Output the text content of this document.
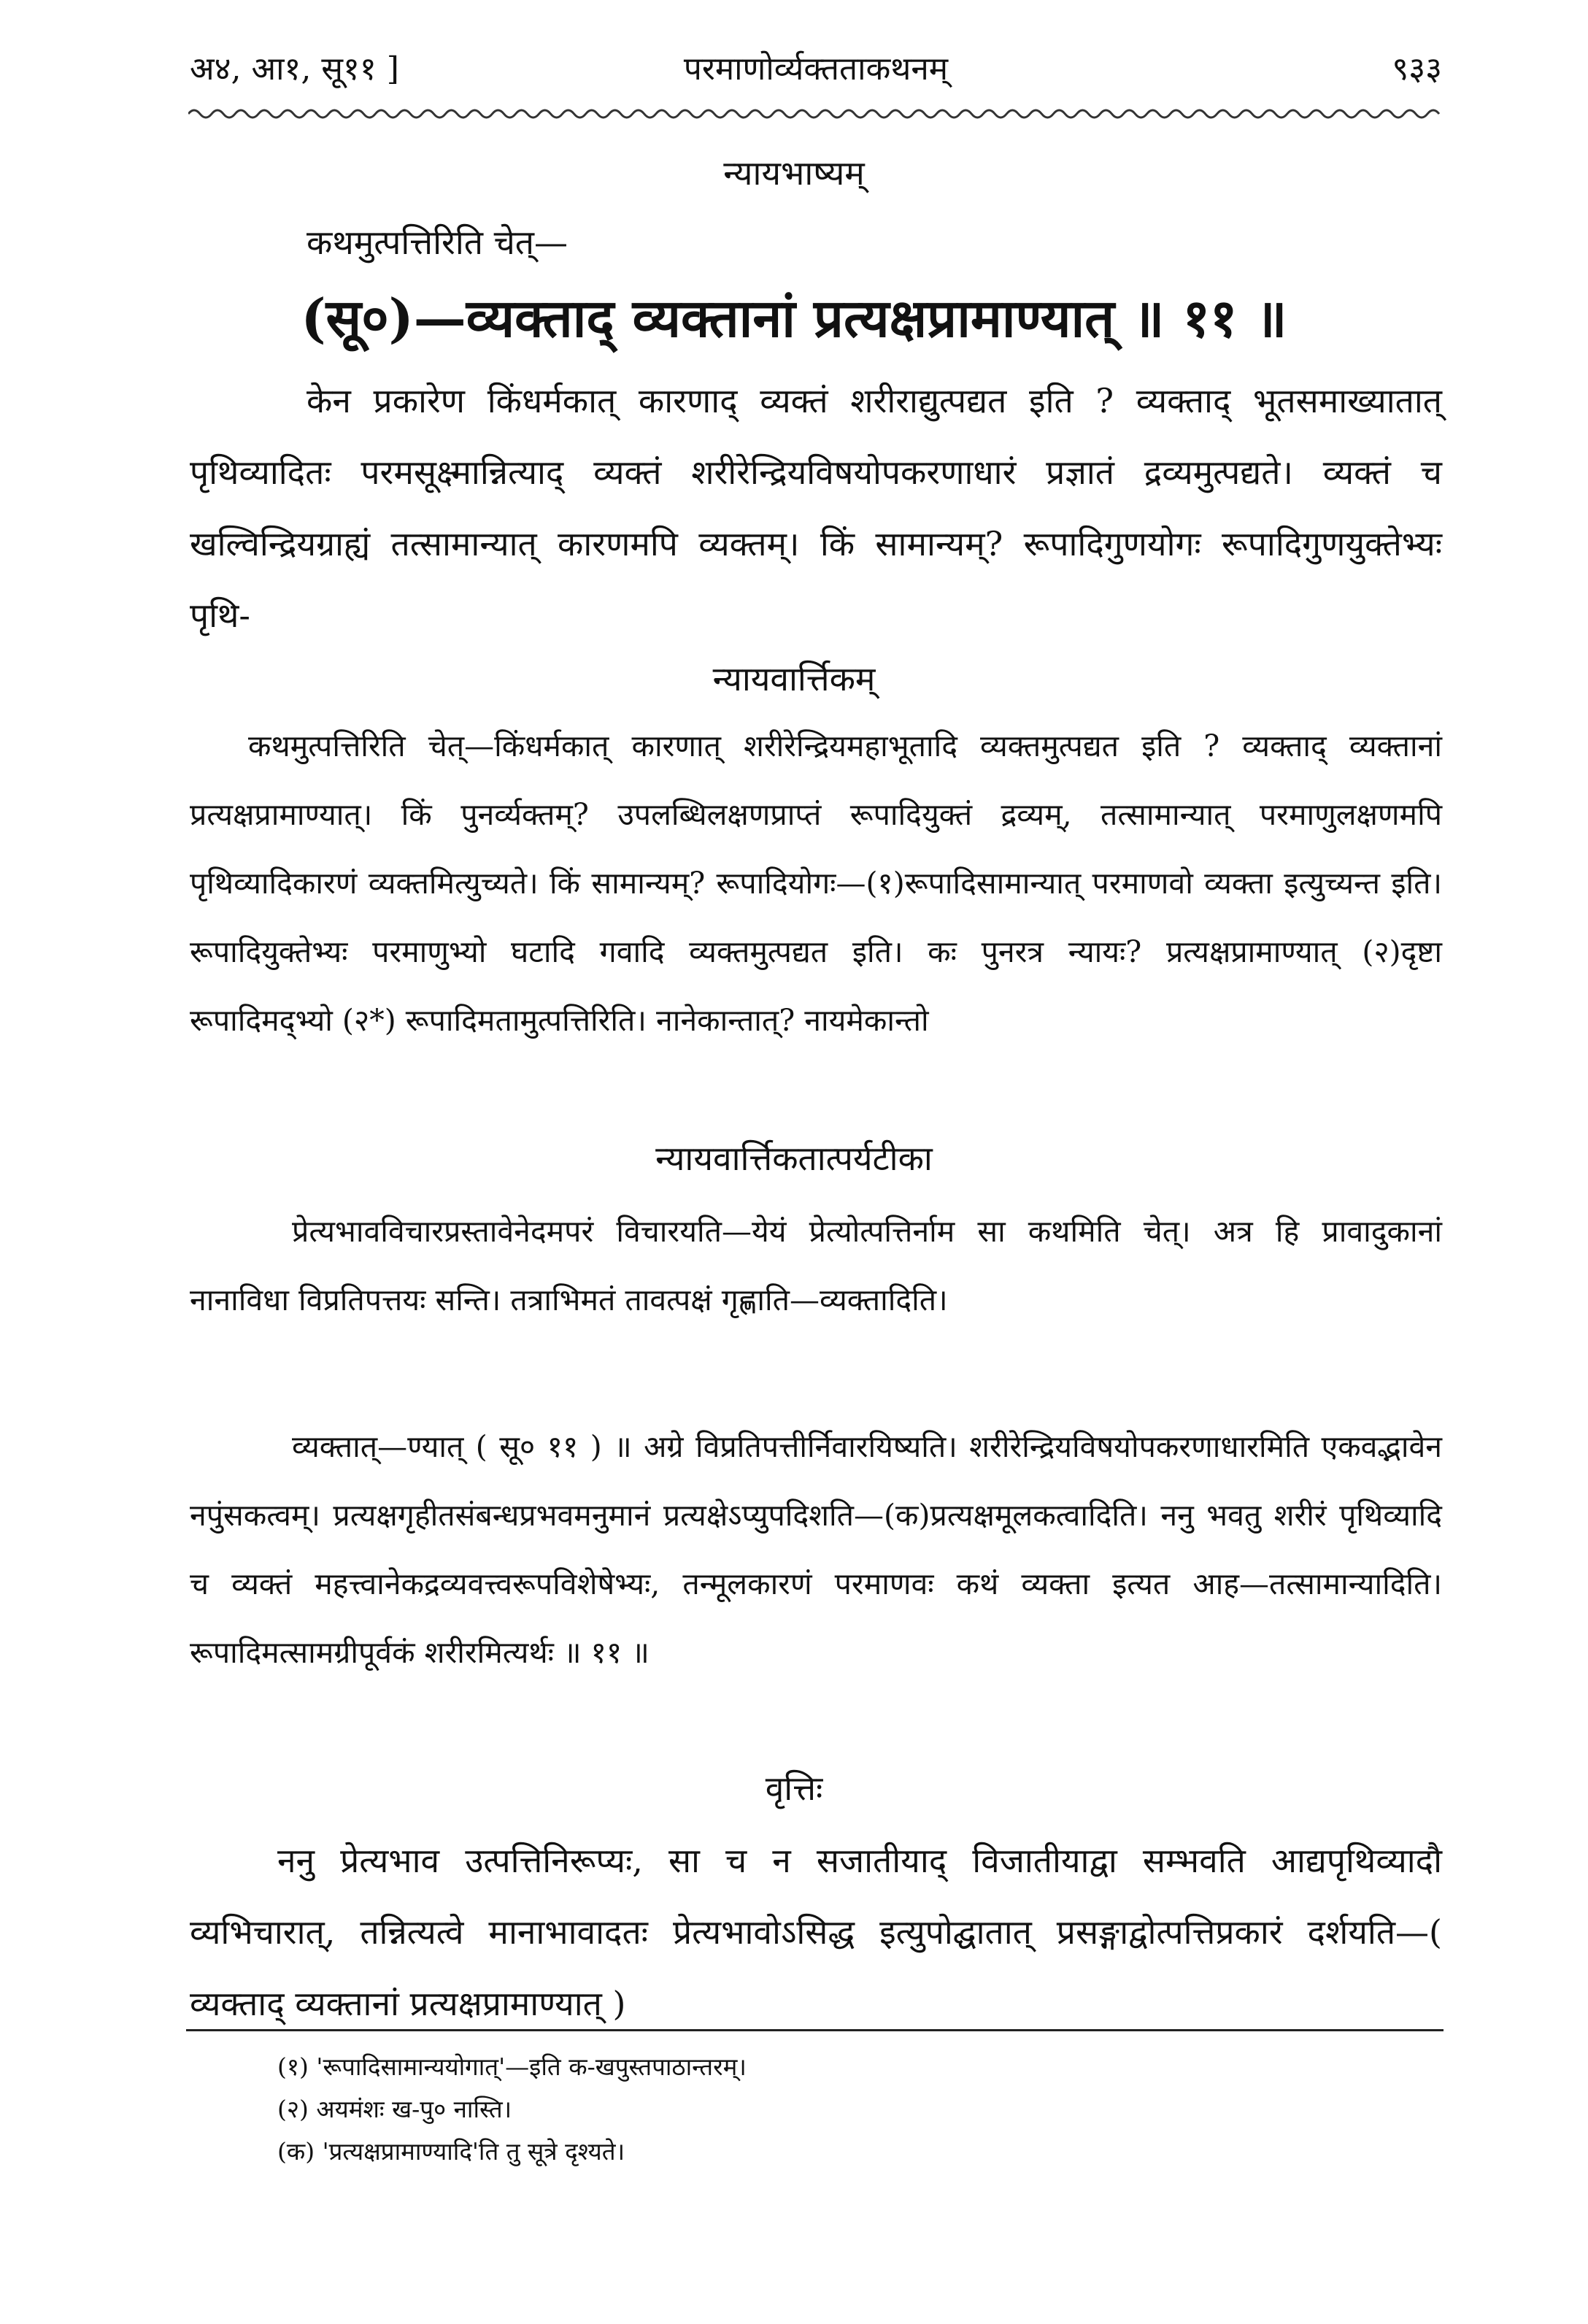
अ४, आ१, सू११ ]	परमाणोर्व्यक्तताकथनम्	९३३
न्यायभाष्यम्
कथमुत्पत्तिरिति चेत्—
(सू०)—व्यक्ताद् व्यक्तानां प्रत्यक्षप्रामाण्यात् ॥ ११ ॥
केन प्रकारेण किंधर्मकात् कारणाद् व्यक्तं शरीराद्युत्पद्यत इति ? व्यक्ताद् भूतसमाख्यातात् पृथिव्यादितः परमसूक्ष्मान्नित्याद् व्यक्तं शरीरेन्द्रियविषयोपकरणाधारं प्रज्ञातं द्रव्यमुत्पद्यते। व्यक्तं च खल्विन्द्रियग्राह्यं तत्सामान्यात् कारणमपि व्यक्तम्। किं सामान्यम्? रूपादिगुणयोगः रूपादिगुणयुक्तेभ्यः पृथि-
न्यायवार्त्तिकम्
कथमुत्पत्तिरिति चेत्—किंधर्मकात् कारणात् शरीरेन्द्रियमहाभूतादि व्यक्तमुत्पद्यत इति ? व्यक्ताद् व्यक्तानां प्रत्यक्षप्रामाण्यात्। किं पुनर्व्यक्तम्? उपलब्धिलक्षणप्राप्तं रूपादियुक्तं द्रव्यम्, तत्सामान्यात् परमाणुलक्षणमपि पृथिव्यादिकारणं व्यक्तमित्युच्यते। किं सामान्यम्? रूपादियोगः—(१)रूपादिसामान्यात् परमाणवो व्यक्ता इत्युच्यन्त इति। रूपादियुक्तेभ्यः परमाणुभ्यो घटादि गवादि व्यक्तमुत्पद्यत इति। कः पुनरत्र न्यायः? प्रत्यक्षप्रामाण्यात् (२)दृष्टा रूपादिमद्भ्यो (२*) रूपादिमतामुत्पत्तिरिति। नानेकान्तात्? नायमेकान्तो
न्यायवार्त्तिकतात्पर्यटीका
प्रेत्यभावविचारप्रस्तावेनेदमपरं विचारयति—येयं प्रेत्योत्पत्तिर्नाम सा कथमिति चेत्। अत्र हि प्रावादुकानां नानाविधा विप्रतिपत्तयः सन्ति। तत्राभिमतं तावत्पक्षं गृह्णाति—व्यक्तादिति।
व्यक्तात्—ण्यात् ( सू० ११ ) ॥ अग्रे विप्रतिपत्तीर्निवारयिष्यति। शरीरेन्द्रियविषयोपकरणाधारमिति एकवद्भावेन नपुंसकत्वम्। प्रत्यक्षगृहीतसंबन्धप्रभवमनुमानं प्रत्यक्षेऽप्युपदिशति—(क)प्रत्यक्षमूलकत्वादिति। ननु भवतु शरीरं पृथिव्यादि च व्यक्तं महत्त्वानेकद्रव्यवत्त्वरूपविशेषेभ्यः, तन्मूलकारणं परमाणवः कथं व्यक्ता इत्यत आह—तत्सामान्यादिति। रूपादिमत्सामग्रीपूर्वकं शरीरमित्यर्थः ॥ ११ ॥
वृत्तिः
ननु प्रेत्यभाव उत्पत्तिनिरूप्यः, सा च न सजातीयाद् विजातीयाद्वा सम्भवति आद्यपृथिव्यादौ व्यभिचारात्, तन्नित्यत्वे मानाभावादतः प्रेत्यभावोऽसिद्ध इत्युपोद्घातात् प्रसङ्गाद्वोत्पत्तिप्रकारं दर्शयति—( व्यक्ताद् व्यक्तानां प्रत्यक्षप्रामाण्यात् )
(१) 'रूपादिसामान्ययोगात्'—इति क-खपुस्तपाठान्तरम्।
(२) अयमंशः ख-पु० नास्ति।
(क) 'प्रत्यक्षप्रामाण्यादि'ति तु सूत्रे दृश्यते।
